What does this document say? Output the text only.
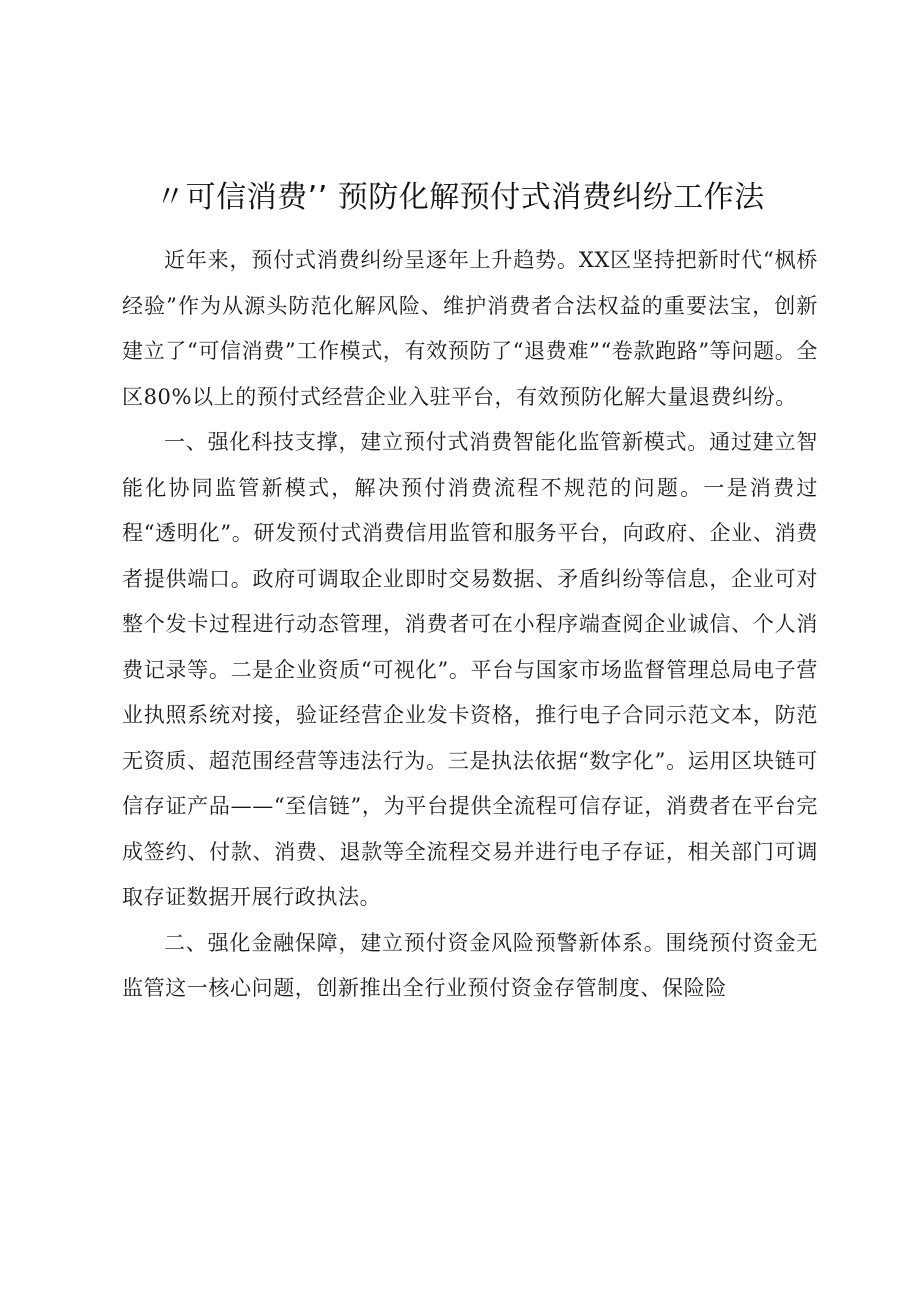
〃可信消费’’ 预防化解预付式消费纠纷工作法

近年来，预付式消费纠纷呈逐年上升趋势。XX区坚持把新时代“枫桥经验”作为从源头防范化解风险、维护消费者合法权益的重要法宝，创新建立了“可信消费”工作模式，有效预防了“退费难”“卷款跑路”等问题。全区80%以上的预付式经营企业入驻平台，有效预防化解大量退费纠纷。

一、强化科技支撑，建立预付式消费智能化监管新模式。通过建立智能化协同监管新模式，解决预付消费流程不规范的问题。一是消费过程“透明化”。研发预付式消费信用监管和服务平台，向政府、企业、消费者提供端口。政府可调取企业即时交易数据、矛盾纠纷等信息，企业可对整个发卡过程进行动态管理，消费者可在小程序端查阅企业诚信、个人消费记录等。二是企业资质“可视化”。平台与国家市场监督管理总局电子营业执照系统对接，验证经营企业发卡资格，推行电子合同示范文本，防范无资质、超范围经营等违法行为。三是执法依据“数字化”。运用区块链可信存证产品——“至信链”，为平台提供全流程可信存证，消费者在平台完成签约、付款、消费、退款等全流程交易并进行电子存证，相关部门可调取存证数据开展行政执法。

二、强化金融保障，建立预付资金风险预警新体系。围绕预付资金无监管这一核心问题，创新推出全行业预付资金存管制度、保险险
